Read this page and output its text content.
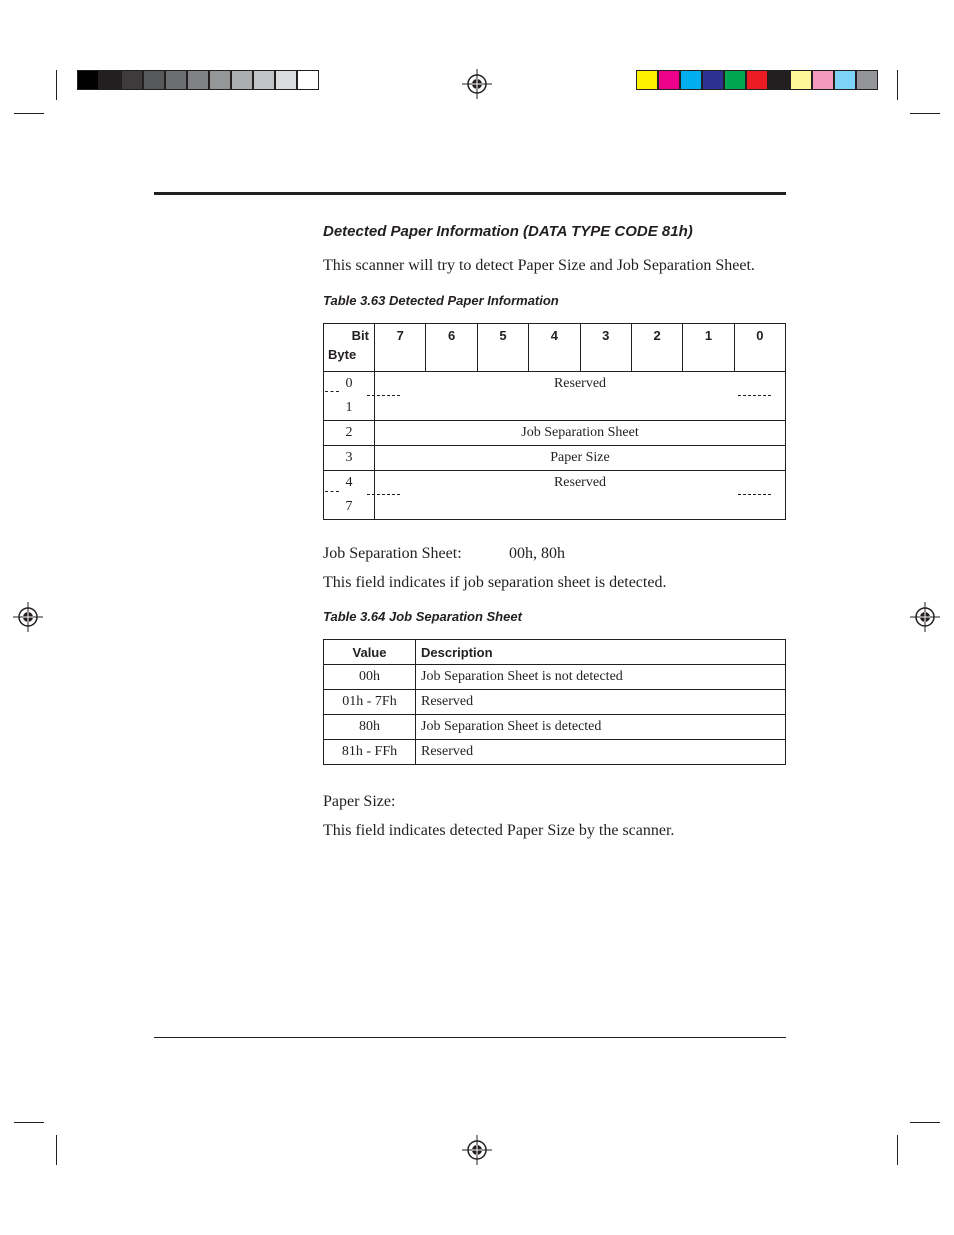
Detected Paper Information (DATA TYPE CODE 81h)
This scanner will try to detect Paper Size and Job Separation Sheet.
Table 3.63 Detected Paper Information
Bit
Byte	7	6	5	4	3	2	1	0
0	Reserved							

1								
2	Job Separation Sheet							
3	Paper Size							
4	Reserved							

7								
Job Separation Sheet:	00h, 80h
This field indicates if job separation sheet is detected.
Table 3.64 Job Separation Sheet
Value	Description
00h	Job Separation Sheet is not detected
01h - 7Fh	Reserved
80h	Job Separation Sheet is detected
81h - FFh	Reserved
Paper Size:
This field indicates detected Paper Size by the scanner.
